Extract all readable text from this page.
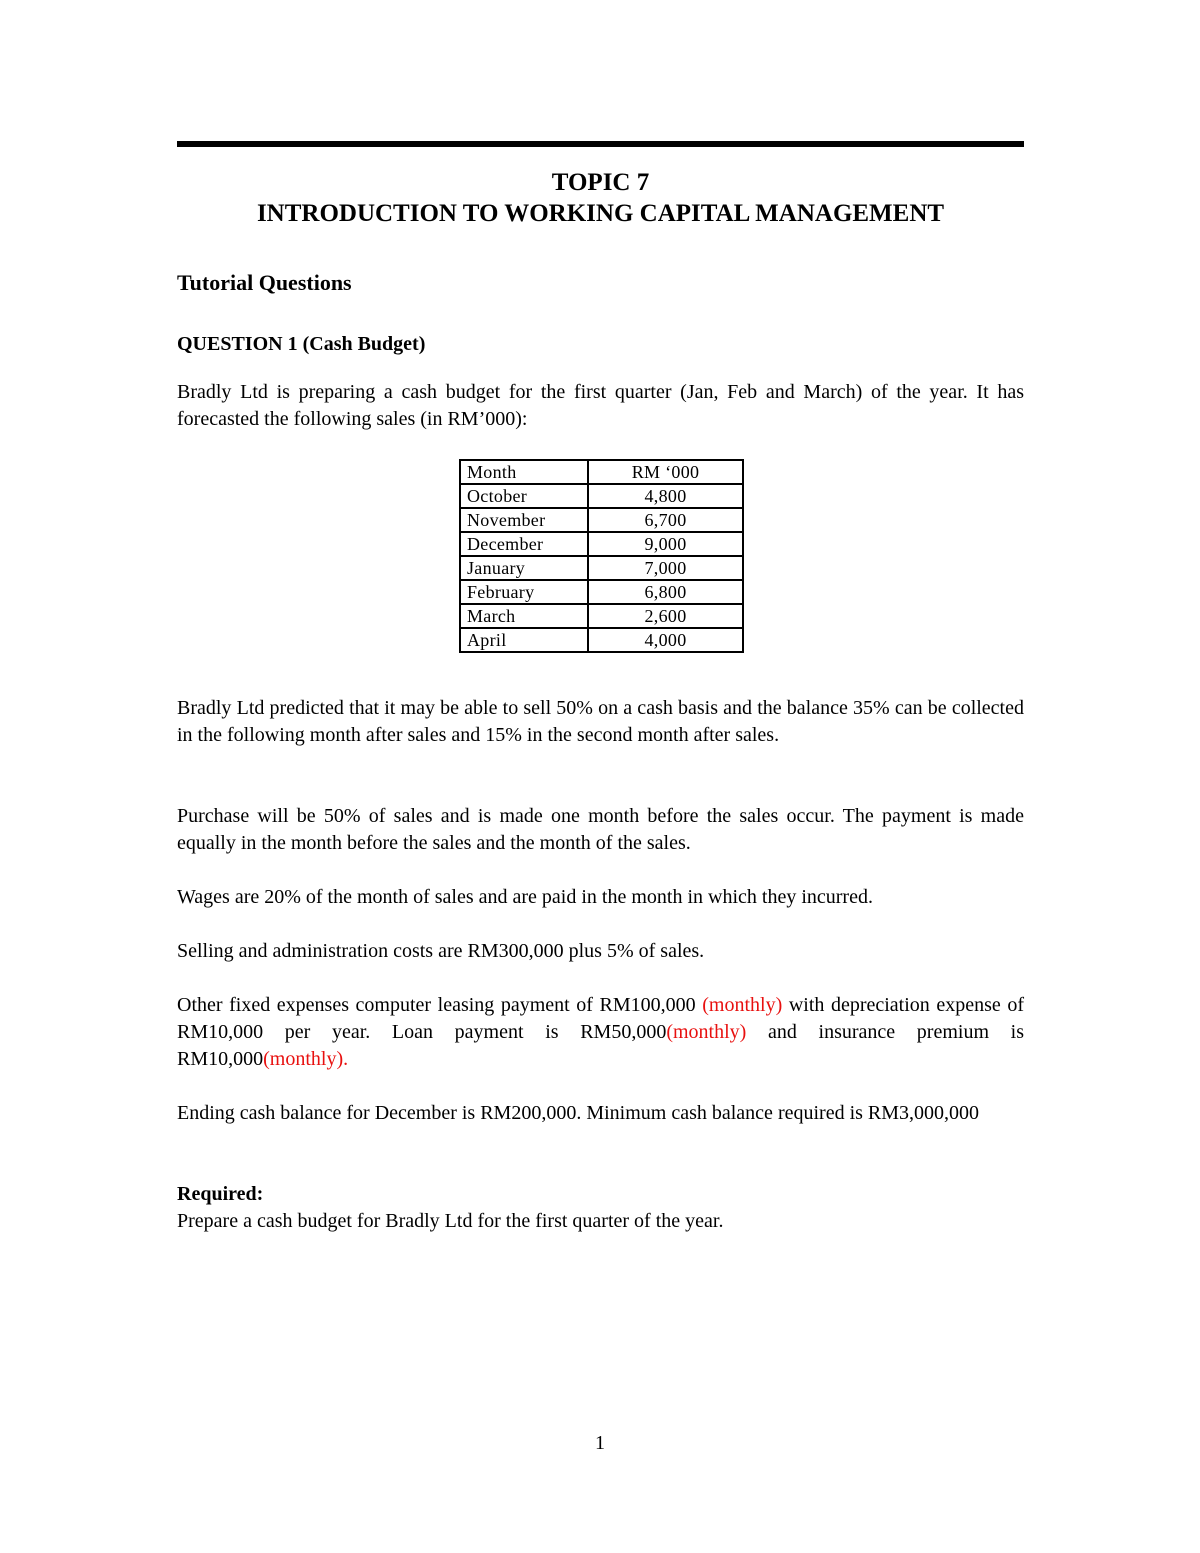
TOPIC 7
INTRODUCTION TO WORKING CAPITAL MANAGEMENT
Tutorial Questions
QUESTION 1 (Cash Budget)

Bradly Ltd is preparing a cash budget for the first quarter (Jan, Feb and March) of the year. It has forecasted the following sales (in RM’000):

Month	RM ‘000
October	4,800
November	6,700
December	9,000
January	7,000
February	6,800
March	2,600
April	4,000

Bradly Ltd predicted that it may be able to sell 50% on a cash basis and the balance 35% can be collected in the following month after sales and 15% in the second month after sales.

Purchase will be 50% of sales and is made one month before the sales occur. The payment is made equally in the month before the sales and the month of the sales.

Wages are 20% of the month of sales and are paid in the month in which they incurred.

Selling and administration costs are RM300,000 plus 5% of sales.

Other fixed expenses computer leasing payment of RM100,000 (monthly) with depreciation expense of RM10,000 per year. Loan payment is RM50,000(monthly) and insurance premium is RM10,000(monthly).

Ending cash balance for December is RM200,000. Minimum cash balance required is RM3,000,000

Required:

Prepare a cash budget for Bradly Ltd for the first quarter of the year.

1
